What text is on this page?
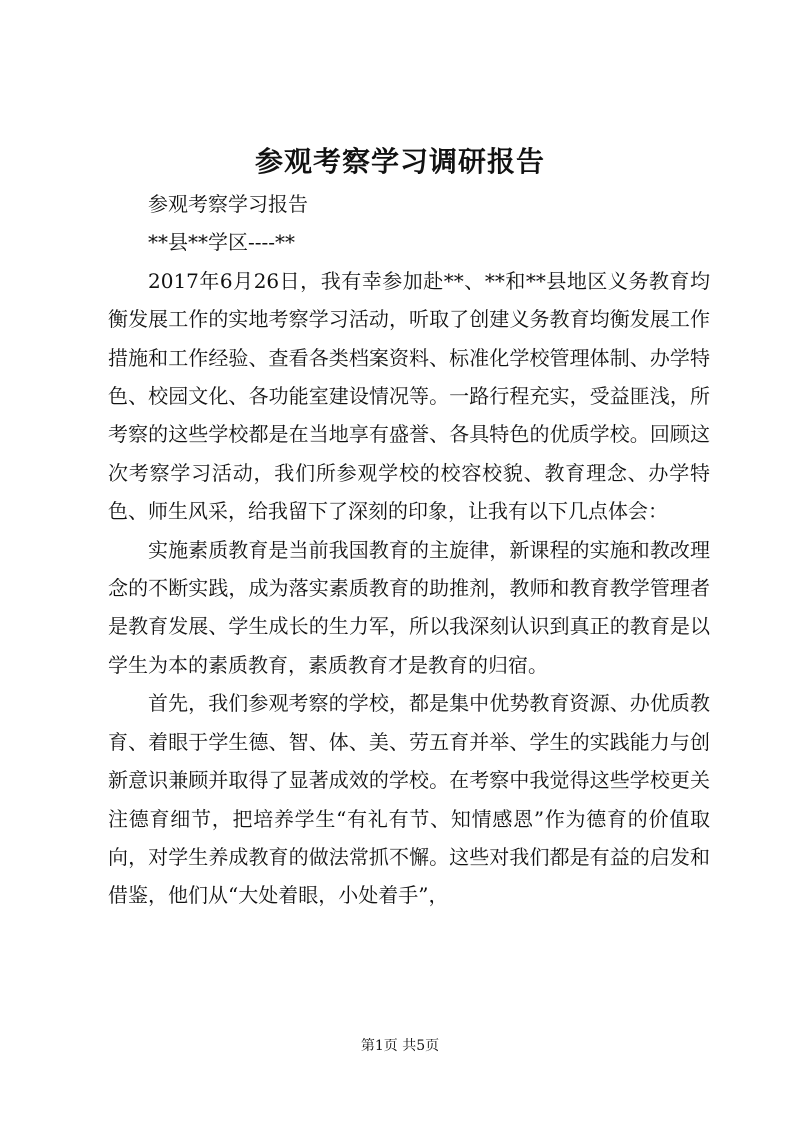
参观考察学习调研报告

参观考察学习报告

**县**学区----**

2017年6月26日，我有幸参加赴**、**和**县地区义务教育均衡发展工作的实地考察学习活动，听取了创建义务教育均衡发展工作措施和工作经验、查看各类档案资料、标准化学校管理体制、办学特色、校园文化、各功能室建设情况等。一路行程充实，受益匪浅，所考察的这些学校都是在当地享有盛誉、各具特色的优质学校。回顾这次考察学习活动，我们所参观学校的校容校貌、教育理念、办学特色、师生风采，给我留下了深刻的印象，让我有以下几点体会：

实施素质教育是当前我国教育的主旋律，新课程的实施和教改理念的不断实践，成为落实素质教育的助推剂，教师和教育教学管理者是教育发展、学生成长的生力军，所以我深刻认识到真正的教育是以学生为本的素质教育，素质教育才是教育的归宿。

首先，我们参观考察的学校，都是集中优势教育资源、办优质教育、着眼于学生德、智、体、美、劳五育并举、学生的实践能力与创新意识兼顾并取得了显著成效的学校。在考察中我觉得这些学校更关注德育细节，把培养学生“有礼有节、知情感恩”作为德育的价值取向，对学生养成教育的做法常抓不懈。这些对我们都是有益的启发和借鉴，他们从“大处着眼，小处着手”，

第1页 共5页
